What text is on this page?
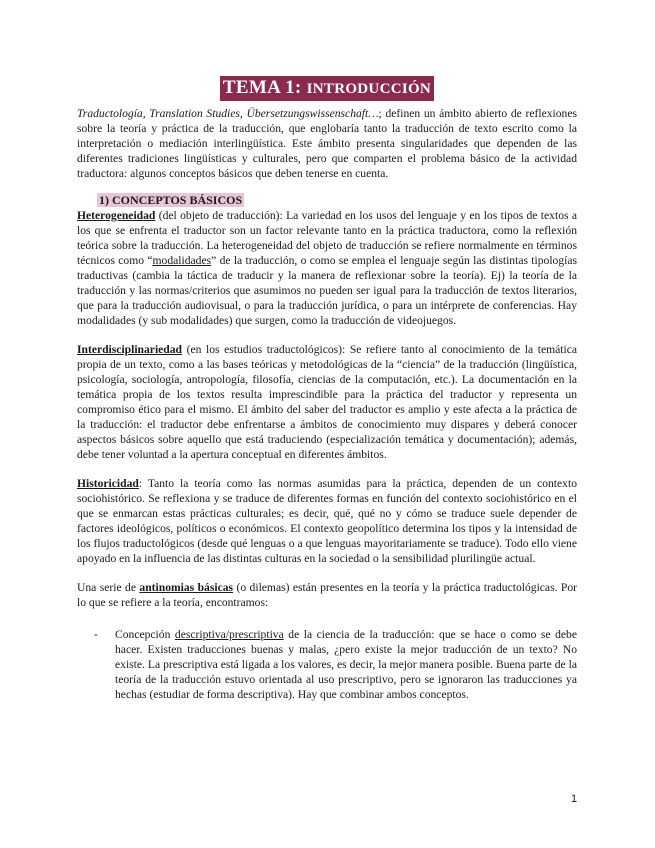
TEMA 1: INTRODUCCIÓN

Traductología, Translation Studies, Übersetzungswissenschaft…; definen un ámbito abierto de reflexiones sobre la teoría y práctica de la traducción, que englobaría tanto la traducción de texto escrito como la interpretación o mediación interlingüística. Este ámbito presenta singularidades que dependen de las diferentes tradiciones lingüísticas y culturales, pero que comparten el problema básico de la actividad traductora: algunos conceptos básicos que deben tenerse en cuenta.

1) CONCEPTOS BÁSICOS

Heterogeneidad (del objeto de traducción): La variedad en los usos del lenguaje y en los tipos de textos a los que se enfrenta el traductor son un factor relevante tanto en la práctica traductora, como la reflexión teórica sobre la traducción. La heterogeneidad del objeto de traducción se refiere normalmente en términos técnicos como “modalidades” de la traducción, o como se emplea el lenguaje según las distintas tipologías traductivas (cambia la táctica de traducir y la manera de reflexionar sobre la teoría). Ej) la teoría de la traducción y las normas/criterios que asumimos no pueden ser igual para la traducción de textos literarios, que para la traducción audiovisual, o para la traducción jurídica, o para un intérprete de conferencias. Hay modalidades (y sub modalidades) que surgen, como la traducción de videojuegos.

Interdisciplinariedad (en los estudios traductológicos): Se refiere tanto al conocimiento de la temática propia de un texto, como a las bases teóricas y metodológicas de la “ciencia” de la traducción (lingüística, psicología, sociología, antropología, filosofía, ciencias de la computación, etc.). La documentación en la temática propia de los textos resulta imprescindible para la práctica del traductor y representa un compromiso ético para el mismo. El ámbito del saber del traductor es amplio y este afecta a la práctica de la traducción: el traductor debe enfrentarse a ámbitos de conocimiento muy dispares y deberá conocer aspectos básicos sobre aquello que está traduciendo (especialización temática y documentación); además, debe tener voluntad a la apertura conceptual en diferentes ámbitos.

Historicidad: Tanto la teoría como las normas asumidas para la práctica, dependen de un contexto sociohistórico. Se reflexiona y se traduce de diferentes formas en función del contexto sociohistórico en el que se enmarcan estas prácticas culturales; es decir, qué, qué no y cómo se traduce suele depender de factores ideológicos, políticos o económicos. El contexto geopolítico determina los tipos y la intensidad de los flujos traductológicos (desde qué lenguas o a que lenguas mayoritariamente se traduce). Todo ello viene apoyado en la influencia de las distintas culturas en la sociedad o la sensibilidad plurilingüe actual.

Una serie de antinomias básicas (o dilemas) están presentes en la teoría y la práctica traductológicas. Por lo que se refiere a la teoría, encontramos:

- Concepción descriptiva/prescriptiva de la ciencia de la traducción: que se hace o como se debe hacer. Existen traducciones buenas y malas, ¿pero existe la mejor traducción de un texto? No existe. La prescriptiva está ligada a los valores, es decir, la mejor manera posible. Buena parte de la teoría de la traducción estuvo orientada al uso prescriptivo, pero se ignoraron las traducciones ya hechas (estudiar de forma descriptiva). Hay que combinar ambos conceptos.

1
